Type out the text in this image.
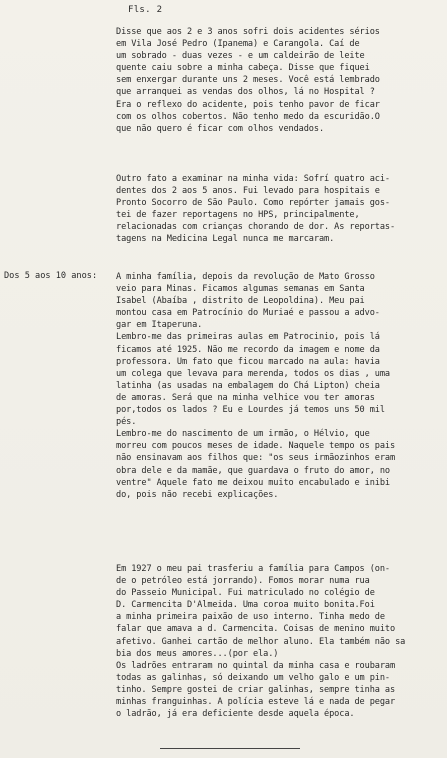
Fls. 2
Dos 5 aos 10 anos:
Disse que aos 2 e 3 anos sofri dois acidentes sérios
em Vila José Pedro (Ipanema) e Carangola. Caí de
um sobrado - duas vezes - e um caldeirão de leite
quente caiu sobre a minha cabeça. Disse que fiquei
sem enxergar durante uns 2 meses. Você está lembrado
que arranquei as vendas dos olhos, lá no Hospital ?
Era o reflexo do acidente, pois tenho pavor de ficar
com os olhos cobertos. Não tenho medo da escuridão.O
que não quero é ficar com olhos vendados.
Outro fato a examinar na minha vida: Sofrí quatro aci-
dentes dos 2 aos 5 anos. Fui levado para hospitais e
Pronto Socorro de São Paulo. Como repórter jamais gos-
tei de fazer reportagens no HPS, principalmente,
relacionadas com crianças chorando de dor. As reportas-
tagens na Medicina Legal nunca me marcaram.
A minha família, depois da revolução de Mato Grosso
veio para Minas. Ficamos algumas semanas em Santa
Isabel (Abaíba , distrito de Leopoldina). Meu pai
montou casa em Patrocínio do Muriaé e passou a advo-
gar em Itaperuna.
Lembro-me das primeiras aulas em Patrocinio, pois lá
ficamos até 1925. Não me recordo da imagem e nome da
professora. Um fato que ficou marcado na aula: havia
um colega que levava para merenda, todos os dias , uma
latinha (as usadas na embalagem do Chá Lipton) cheia
de amoras. Será que na minha velhice vou ter amoras
por,todos os lados ? Eu e Lourdes já temos uns 50 mil
pés.
Lembro-me do nascimento de um irmão, o Hélvio, que
morreu com poucos meses de idade. Naquele tempo os pais
não ensinavam aos filhos que: "os seus irmãozinhos eram
obra dele e da mamãe, que guardava o fruto do amor, no
ventre" Aquele fato me deixou muito encabulado e inibi
do, pois não recebi explicações.
Em 1927 o meu pai trasferiu a família para Campos (on-
de o petróleo está jorrando). Fomos morar numa rua
do Passeio Municipal. Fui matriculado no colégio de
D. Carmencita D'Almeida. Uma coroa muito bonita.Foi
a minha primeira paixão de uso interno. Tinha medo de
falar que amava a d. Carmencita. Coisas de menino muito
afetivo. Ganhei cartão de melhor aluno. Ela também não sa
bia dos meus amores...(por ela.)
Os ladrões entraram no quintal da minha casa e roubaram
todas as galinhas, só deixando um velho galo e um pin-
tinho. Sempre gostei de criar galinhas, sempre tinha as
minhas franguinhas. A polícia esteve lá e nada de pegar
o ladrão, já era deficiente desde aquela época.
